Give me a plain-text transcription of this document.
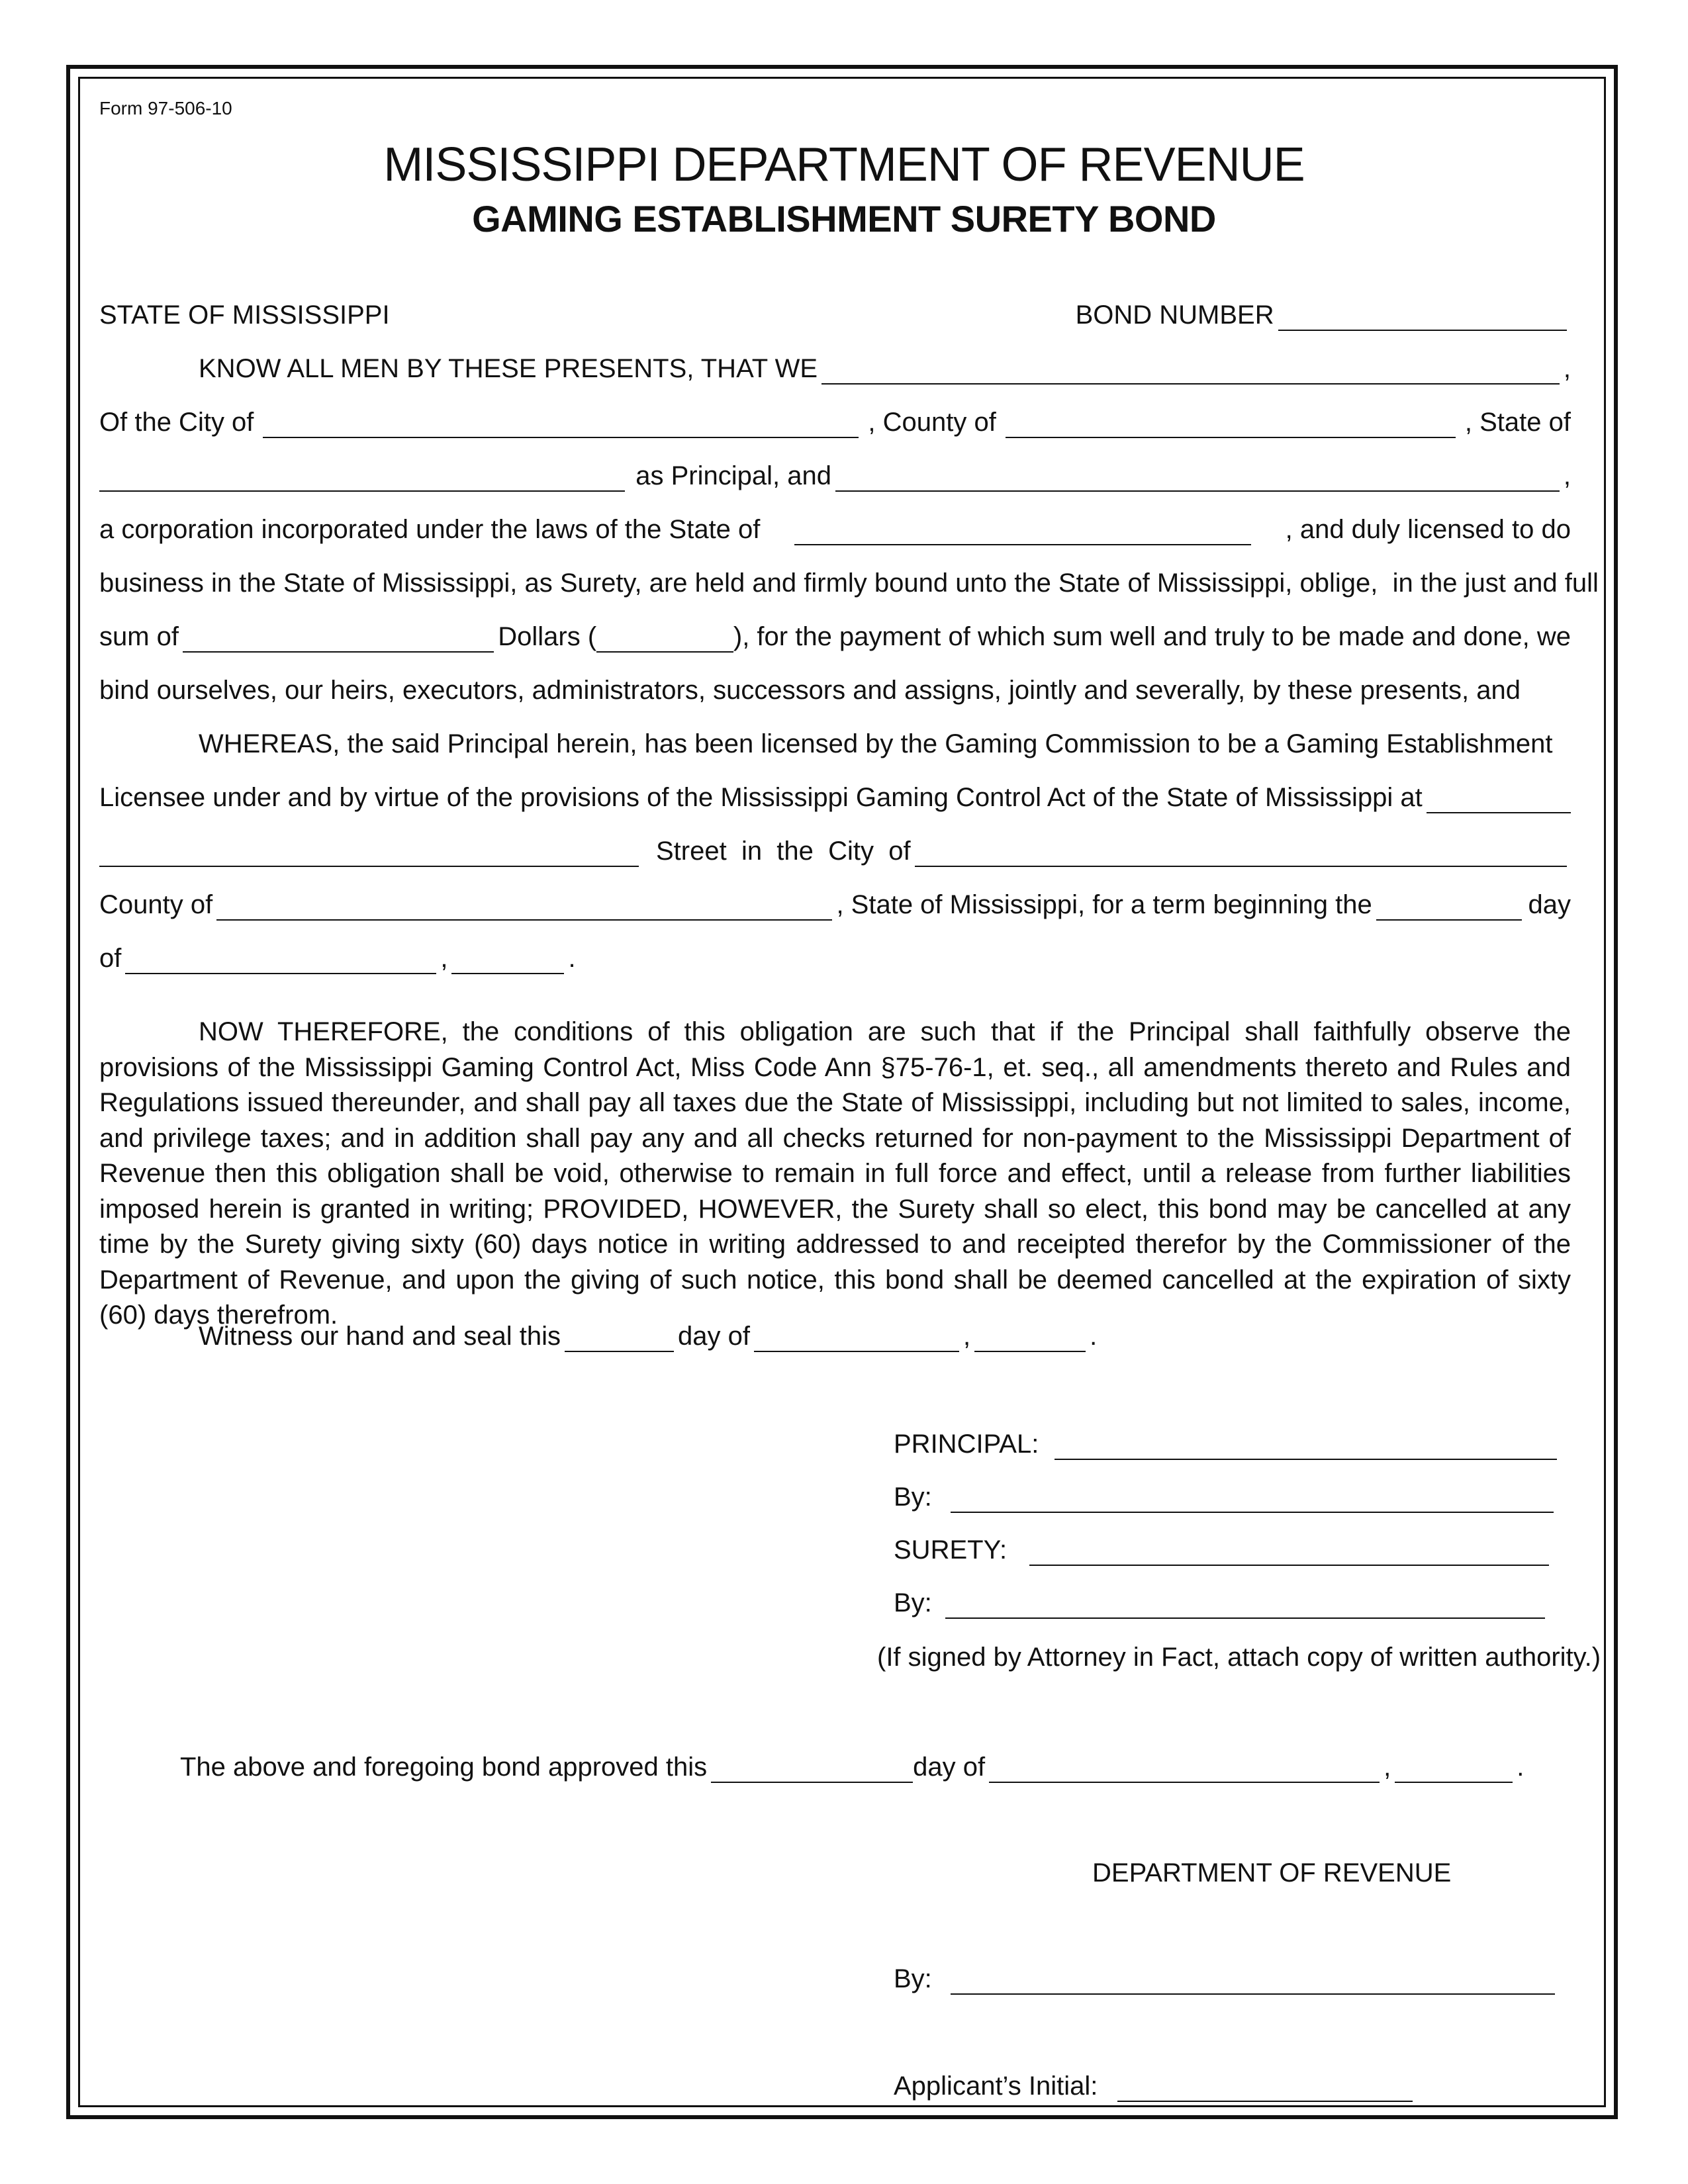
Form 97-506-10
MISSISSIPPI DEPARTMENT OF REVENUE
GAMING ESTABLISHMENT SURETY BOND
STATE OF MISSISSIPPI	BOND NUMBER
KNOW ALL MEN BY THESE PRESENTS, THAT WE	,
Of the City of	, County of	, State of
as Principal, and	,
a corporation incorporated under the laws of the State of	, and duly licensed to do
business in the State of Mississippi, as Surety, are held and firmly bound unto the State of Mississippi, oblige,  in the just and full
sum of	Dollars (	), for the payment of which sum well and truly to be made and done, we
bind ourselves, our heirs, executors, administrators, successors and assigns, jointly and severally, by these presents, and
WHEREAS, the said Principal herein, has been licensed by the Gaming Commission to be a Gaming Establishment
Licensee under and by virtue of the provisions of the Mississippi Gaming Control Act of the State of Mississippi at
Street  in  the  City  of
County of	, State of Mississippi, for a term beginning the	day
of	,	.
NOW THEREFORE, the conditions of this obligation are such that if the Principal shall faithfully observe the provisions of the Mississippi Gaming Control Act, Miss Code Ann §75-76-1, et. seq., all amendments thereto and Rules and Regulations issued thereunder, and shall pay all taxes due the State of Mississippi, including but not limited to sales, income, and privilege taxes; and in addition shall pay any and all checks returned for non-payment to the Mississippi Department of Revenue then this obligation shall be void, otherwise to remain in full force and effect, until a release from further liabilities imposed herein is granted in writing; PROVIDED, HOWEVER, the Surety shall so elect, this bond may be cancelled at any time by the Surety giving sixty (60) days notice in writing addressed to and receipted therefor by the Commissioner of the Department of Revenue, and upon the giving of such notice, this bond shall be deemed cancelled at the expiration of sixty (60) days therefrom.
Witness our hand and seal this	day of	,	.
PRINCIPAL:
By:
SURETY:
By:
(If signed by Attorney in Fact, attach copy of written authority.)
The above and foregoing bond approved this	day of	,	.
DEPARTMENT OF REVENUE
By:
Applicant’s Initial:
